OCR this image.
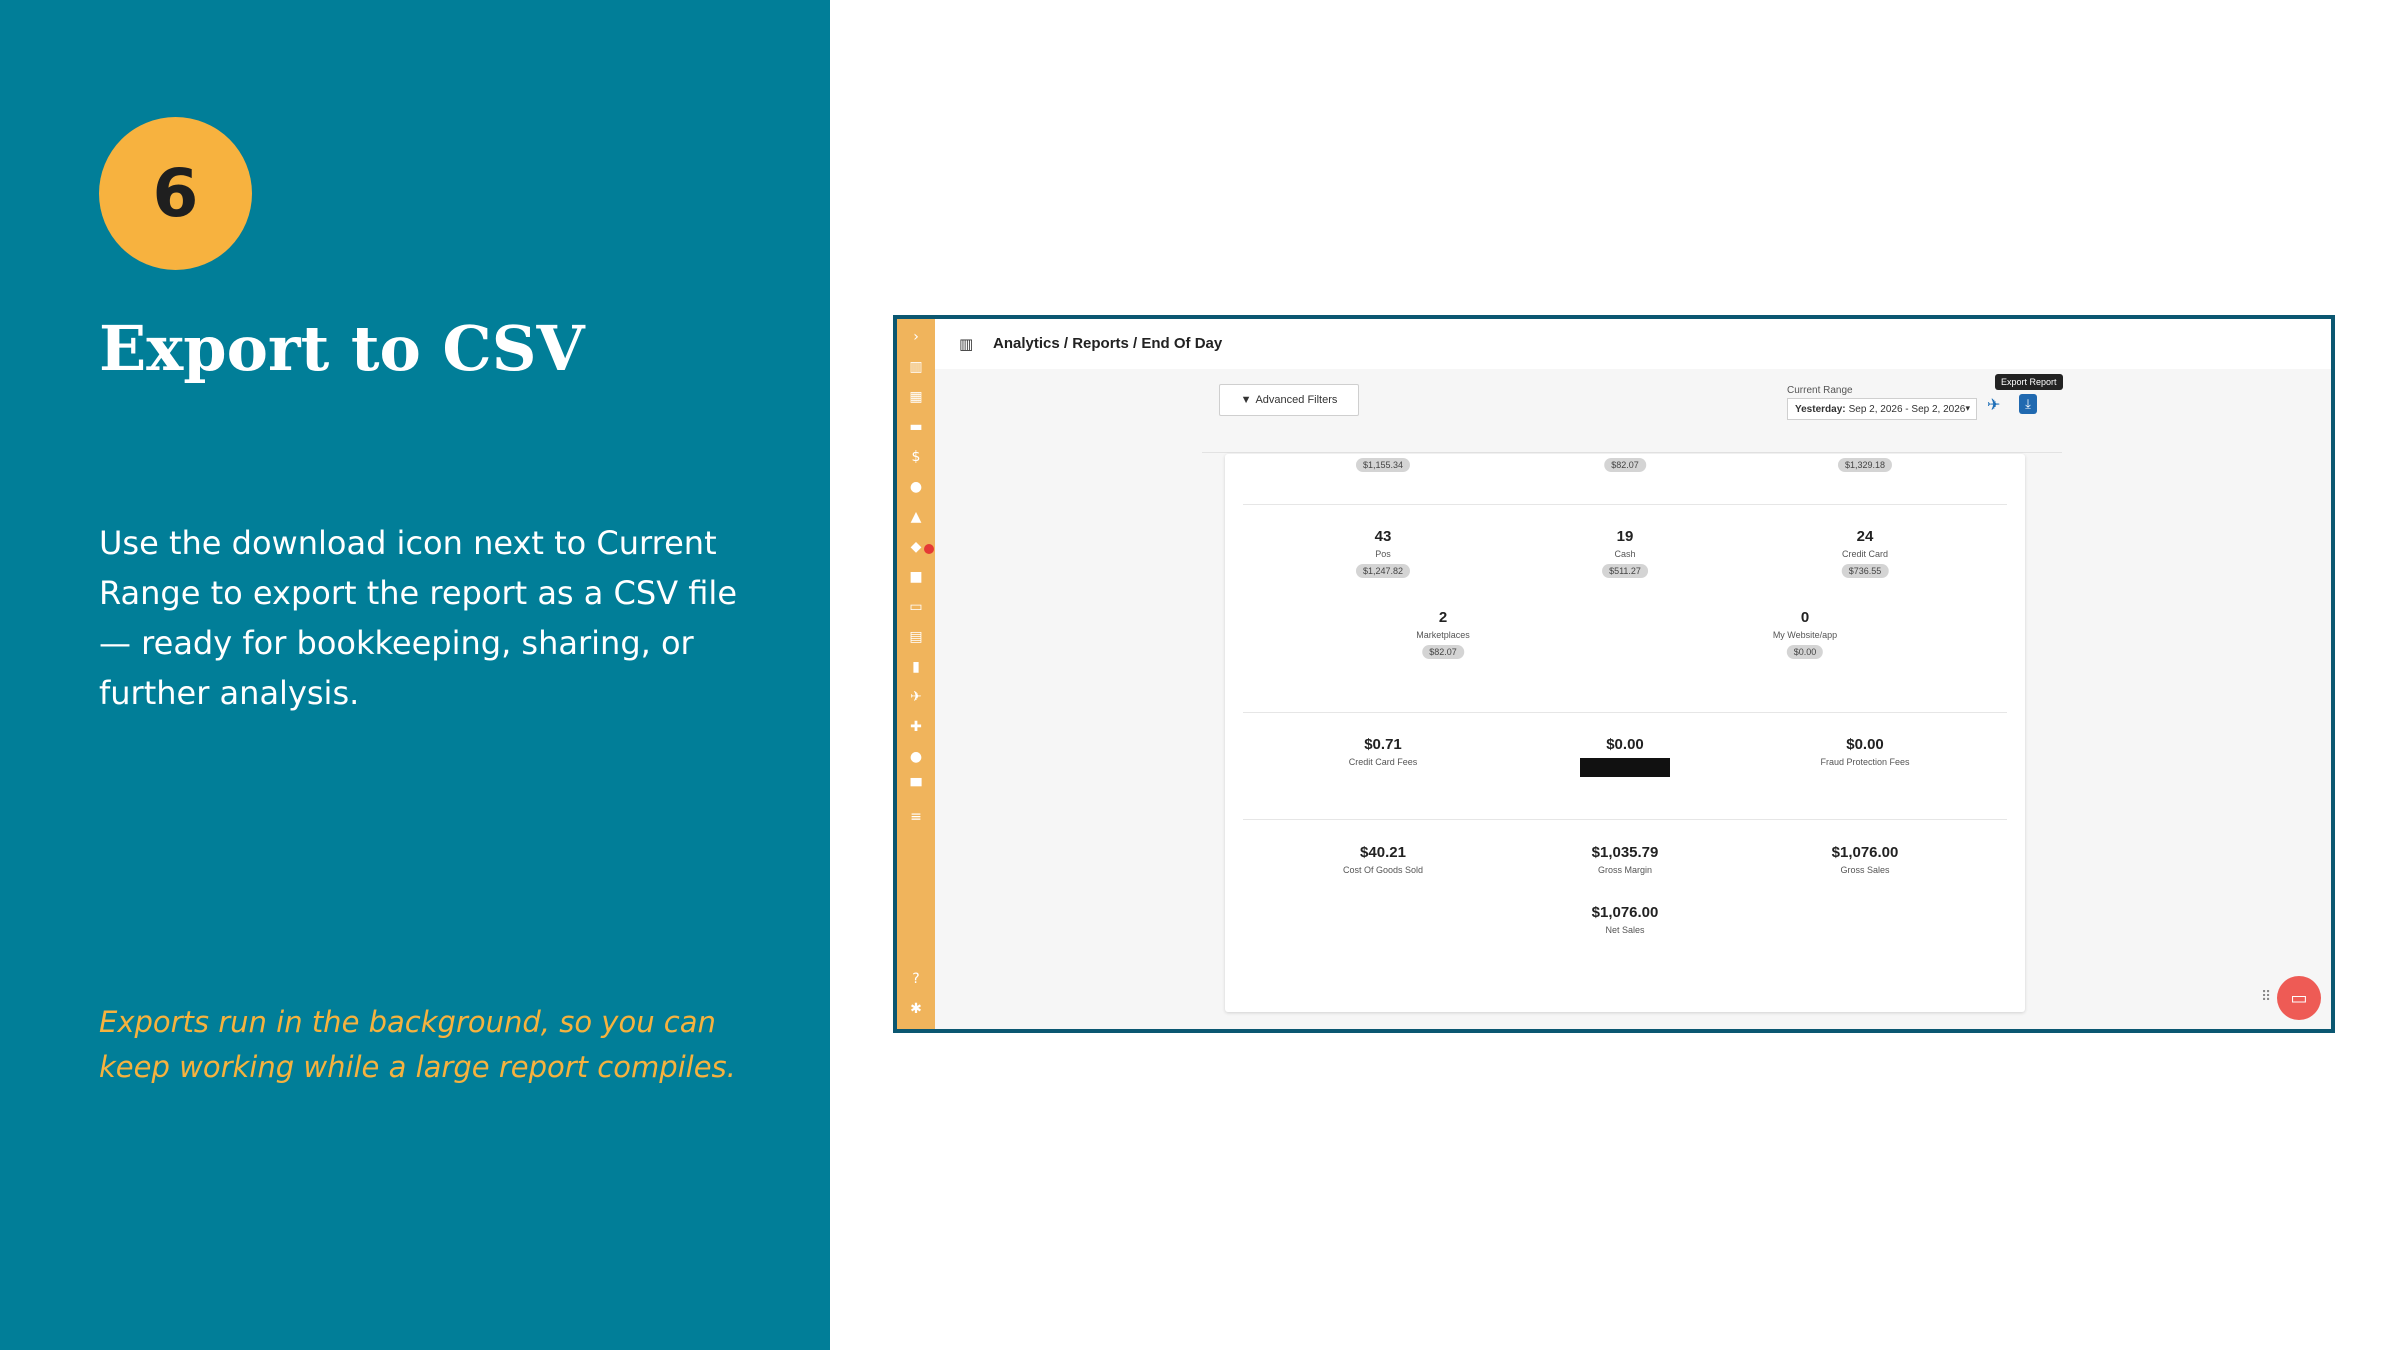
6
Export to CSV
Use the download icon next to Current Range to export the report as a CSV file — ready for bookkeeping, sharing, or further analysis.
Exports run in the background, so you can keep working while a large report compiles.
›
▥
▦
▬
$
●
▲
◆
■
▭
▤
▮
✈
✚
●
▀
≡
?
✱
▥ Analytics / Reports / End Of Day
▼ Advanced Filters
Current Range
Yesterday: Sep 2, 2026 - Sep 2, 2026 ▾ ✈
Export Report
⤓
$1,155.34	$82.07	$1,329.18
43
Pos
$1,247.82
19
Cash
$511.27
24
Credit Card
$736.55
2
Marketplaces
$82.07
0
My Website/app
$0.00
$0.71
Credit Card Fees
$0.00	$0.00
Fraud Protection Fees
$40.21
Cost Of Goods Sold
$1,035.79
Gross Margin
$1,076.00
Gross Sales
$1,076.00
Net Sales
⠿	▭
